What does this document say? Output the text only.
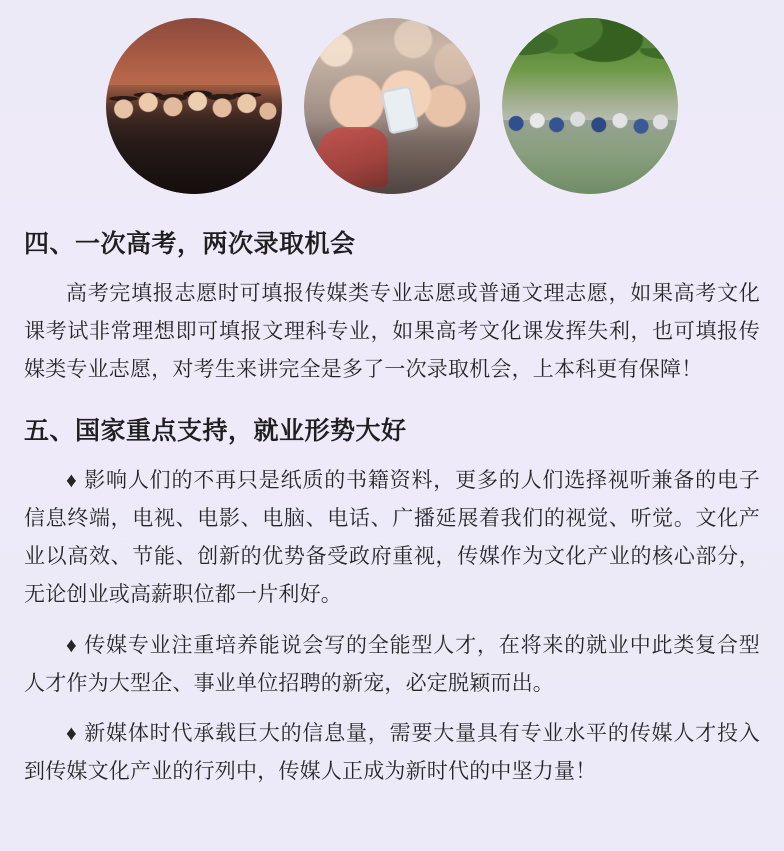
四、一次高考，两次录取机会

高考完填报志愿时可填报传媒类专业志愿或普通文理志愿，如果高考文化课考试非常理想即可填报文理科专业，如果高考文化课发挥失利，也可填报传媒类专业志愿，对考生来讲完全是多了一次录取机会，上本科更有保障！

五、国家重点支持，就业形势大好

♦ 影响人们的不再只是纸质的书籍资料，更多的人们选择视听兼备的电子信息终端，电视、电影、电脑、电话、广播延展着我们的视觉、听觉。文化产业以高效、节能、创新的优势备受政府重视，传媒作为文化产业的核心部分，无论创业或高薪职位都一片利好。

♦ 传媒专业注重培养能说会写的全能型人才，在将来的就业中此类复合型人才作为大型企、事业单位招聘的新宠，必定脱颖而出。

♦ 新媒体时代承载巨大的信息量，需要大量具有专业水平的传媒人才投入到传媒文化产业的行列中，传媒人正成为新时代的中坚力量！
